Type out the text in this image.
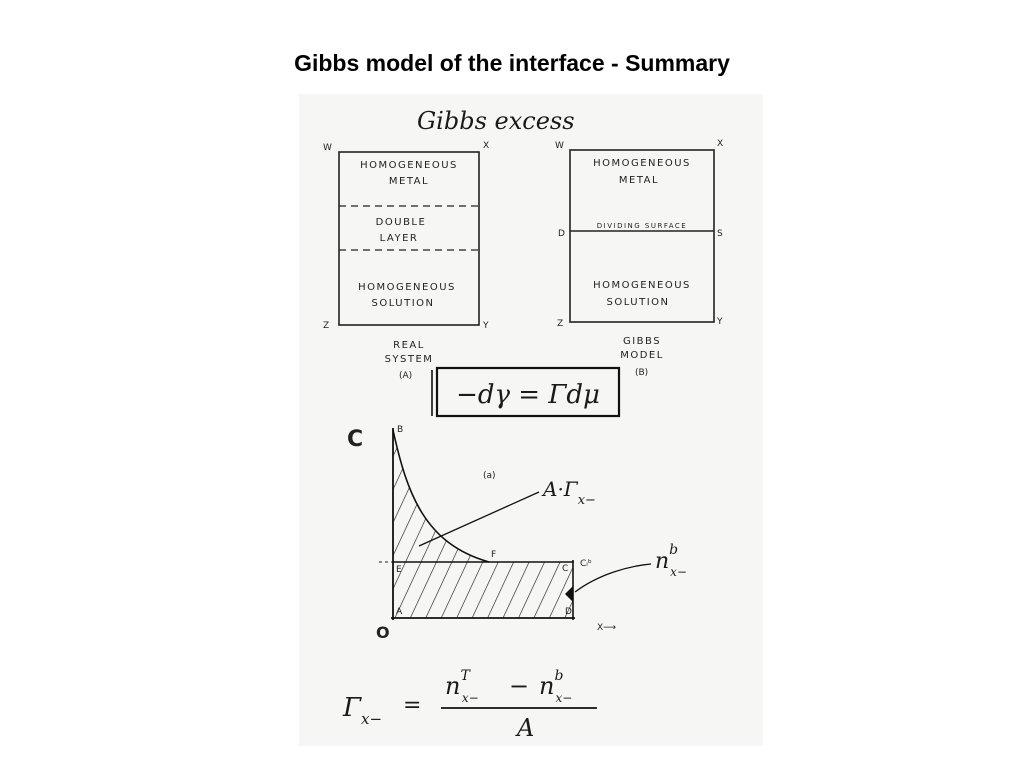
Gibbs model of the interface - Summary
Gibbs excess
W	X
Z	Y
HOMOGENEOUS
METAL
DOUBLE
LAYER
HOMOGENEOUS
SOLUTION
REAL
SYSTEM
(A)
W	X
D	S
Z	Y
HOMOGENEOUS
METAL
DIVIDING SURFACE
HOMOGENEOUS
SOLUTION
GIBBS
MODEL
(B)
−dγ = Γdμ
C
O	X⟶
(a)
B
E
F
C
A	D
Cᵢᵇ
$A\cdot\Gamma_{x-}$
$n^b$ x−
$\Gamma_{x-}$
=
$n^T$ $x- - n^b$ x−
A
